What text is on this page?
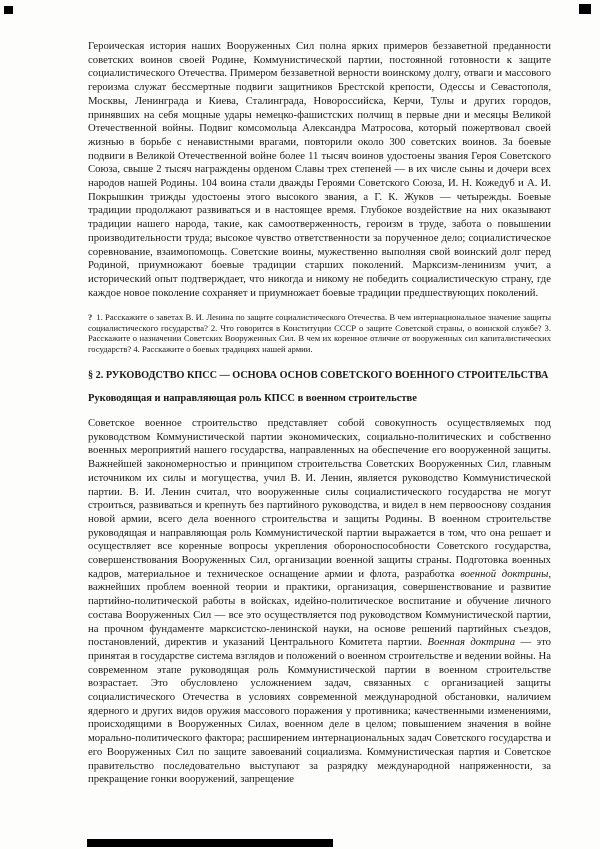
Героическая история наших Вооруженных Сил полна ярких примеров беззаветной преданности советских воинов своей Родине, Коммунистической партии, постоянной готовности к защите социалистического Отечества. Примером беззаветной верности воинскому долгу, отваги и массового героизма служат бессмертные подвиги защитников Брестской крепости, Одессы и Севастополя, Москвы, Ленинграда и Киева, Сталинграда, Новороссийска, Керчи, Тулы и других городов, принявших на себя мощные удары немецко-фашистских полчищ в первые дни и месяцы Великой Отечественной войны. Подвиг комсомольца Александра Матросова, который пожертвовал своей жизнью в борьбе с ненавистными врагами, повторили около 300 советских воинов. За боевые подвиги в Великой Отечественной войне более 11 тысяч воинов удостоены звания Героя Советского Союза, свыше 2 тысяч награждены орденом Славы трех степеней — в их числе сыны и дочери всех народов нашей Родины. 104 воина стали дважды Героями Советского Союза, И. Н. Кожедуб и А. И. Покрышкин трижды удостоены этого высокого звания, а Г. К. Жуков — четырежды. Боевые традиции продолжают развиваться и в настоящее время. Глубокое воздействие на них оказывают традиции нашего народа, такие, как самоотверженность, героизм в труде, забота о повышении производительности труда; высокое чувство ответственности за порученное дело; социалистическое соревнование, взаимопомощь. Советские воины, мужественно выполняя свой воинский долг перед Родиной, приумножают боевые традиции старших поколений. Марксизм-ленинизм учит, а исторический опыт подтверждает, что никогда и никому не победить социалистическую страну, где каждое новое поколение сохраняет и приумножает боевые традиции предшествующих поколений.

? 1. Расскажите о заветах В. И. Ленина по защите социалистического Отечества. В чем интернациональное значение защиты социалистического государства? 2. Что говорится в Конституции СССР о защите Советской страны, о воинской службе? 3. Расскажите о назначении Советских Вооруженных Сил. В чем их коренное отличие от вооруженных сил капиталистических государств? 4. Расскажите о боевых традициях нашей армии.

§ 2. РУКОВОДСТВО КПСС — ОСНОВА ОСНОВ СОВЕТСКОГО ВОЕННОГО СТРОИТЕЛЬСТВА
Руководящая и направляющая роль КПСС в военном строительстве

Советское военное строительство представляет собой совокупность осуществляемых под руководством Коммунистической партии экономических, социально-политических и собственно военных мероприятий нашего государства, направленных на обеспечение его вооруженной защиты. Важнейшей закономерностью и принципом строительства Советских Вооруженных Сил, главным источником их силы и могущества, учил В. И. Ленин, является руководство Коммунистической партии. В. И. Ленин считал, что вооруженные силы социалистического государства не могут строиться, развиваться и крепнуть без партийного руководства, и видел в нем первооснову создания новой армии, всего дела военного строительства и защиты Родины. В военном строительстве руководящая и направляющая роль Коммунистической партии выражается в том, что она решает и осуществляет все коренные вопросы укрепления обороноспособности Советского государства, совершенствования Вооруженных Сил, организации военной защиты страны. Подготовка военных кадров, материальное и техническое оснащение армии и флота, разработка военной доктрины, важнейших проблем военной теории и практики, организация, совершенствование и развитие партийно-политической работы в войсках, идейно-политическое воспитание и обучение личного состава Вооруженных Сил — все это осуществляется под руководством Коммунистической партии, на прочном фундаменте марксистско-ленинской науки, на основе решений партийных съездов, постановлений, директив и указаний Центрального Комитета партии. Военная доктрина — это принятая в государстве система взглядов и положений о военном строительстве и ведении войны. На современном этапе руководящая роль Коммунистической партии в военном строительстве возрастает. Это обусловлено усложнением задач, связанных с организацией защиты социалистического Отечества в условиях современной международной обстановки, наличием ядерного и других видов оружия массового поражения у противника; качественными изменениями, происходящими в Вооруженных Силах, военном деле в целом; повышением значения в войне морально-политического фактора; расширением интернациональных задач Советского государства и его Вооруженных Сил по защите завоеваний социализма. Коммунистическая партия и Советское правительство последовательно выступают за разрядку международной напряженности, за прекращение гонки вооружений, запрещение
